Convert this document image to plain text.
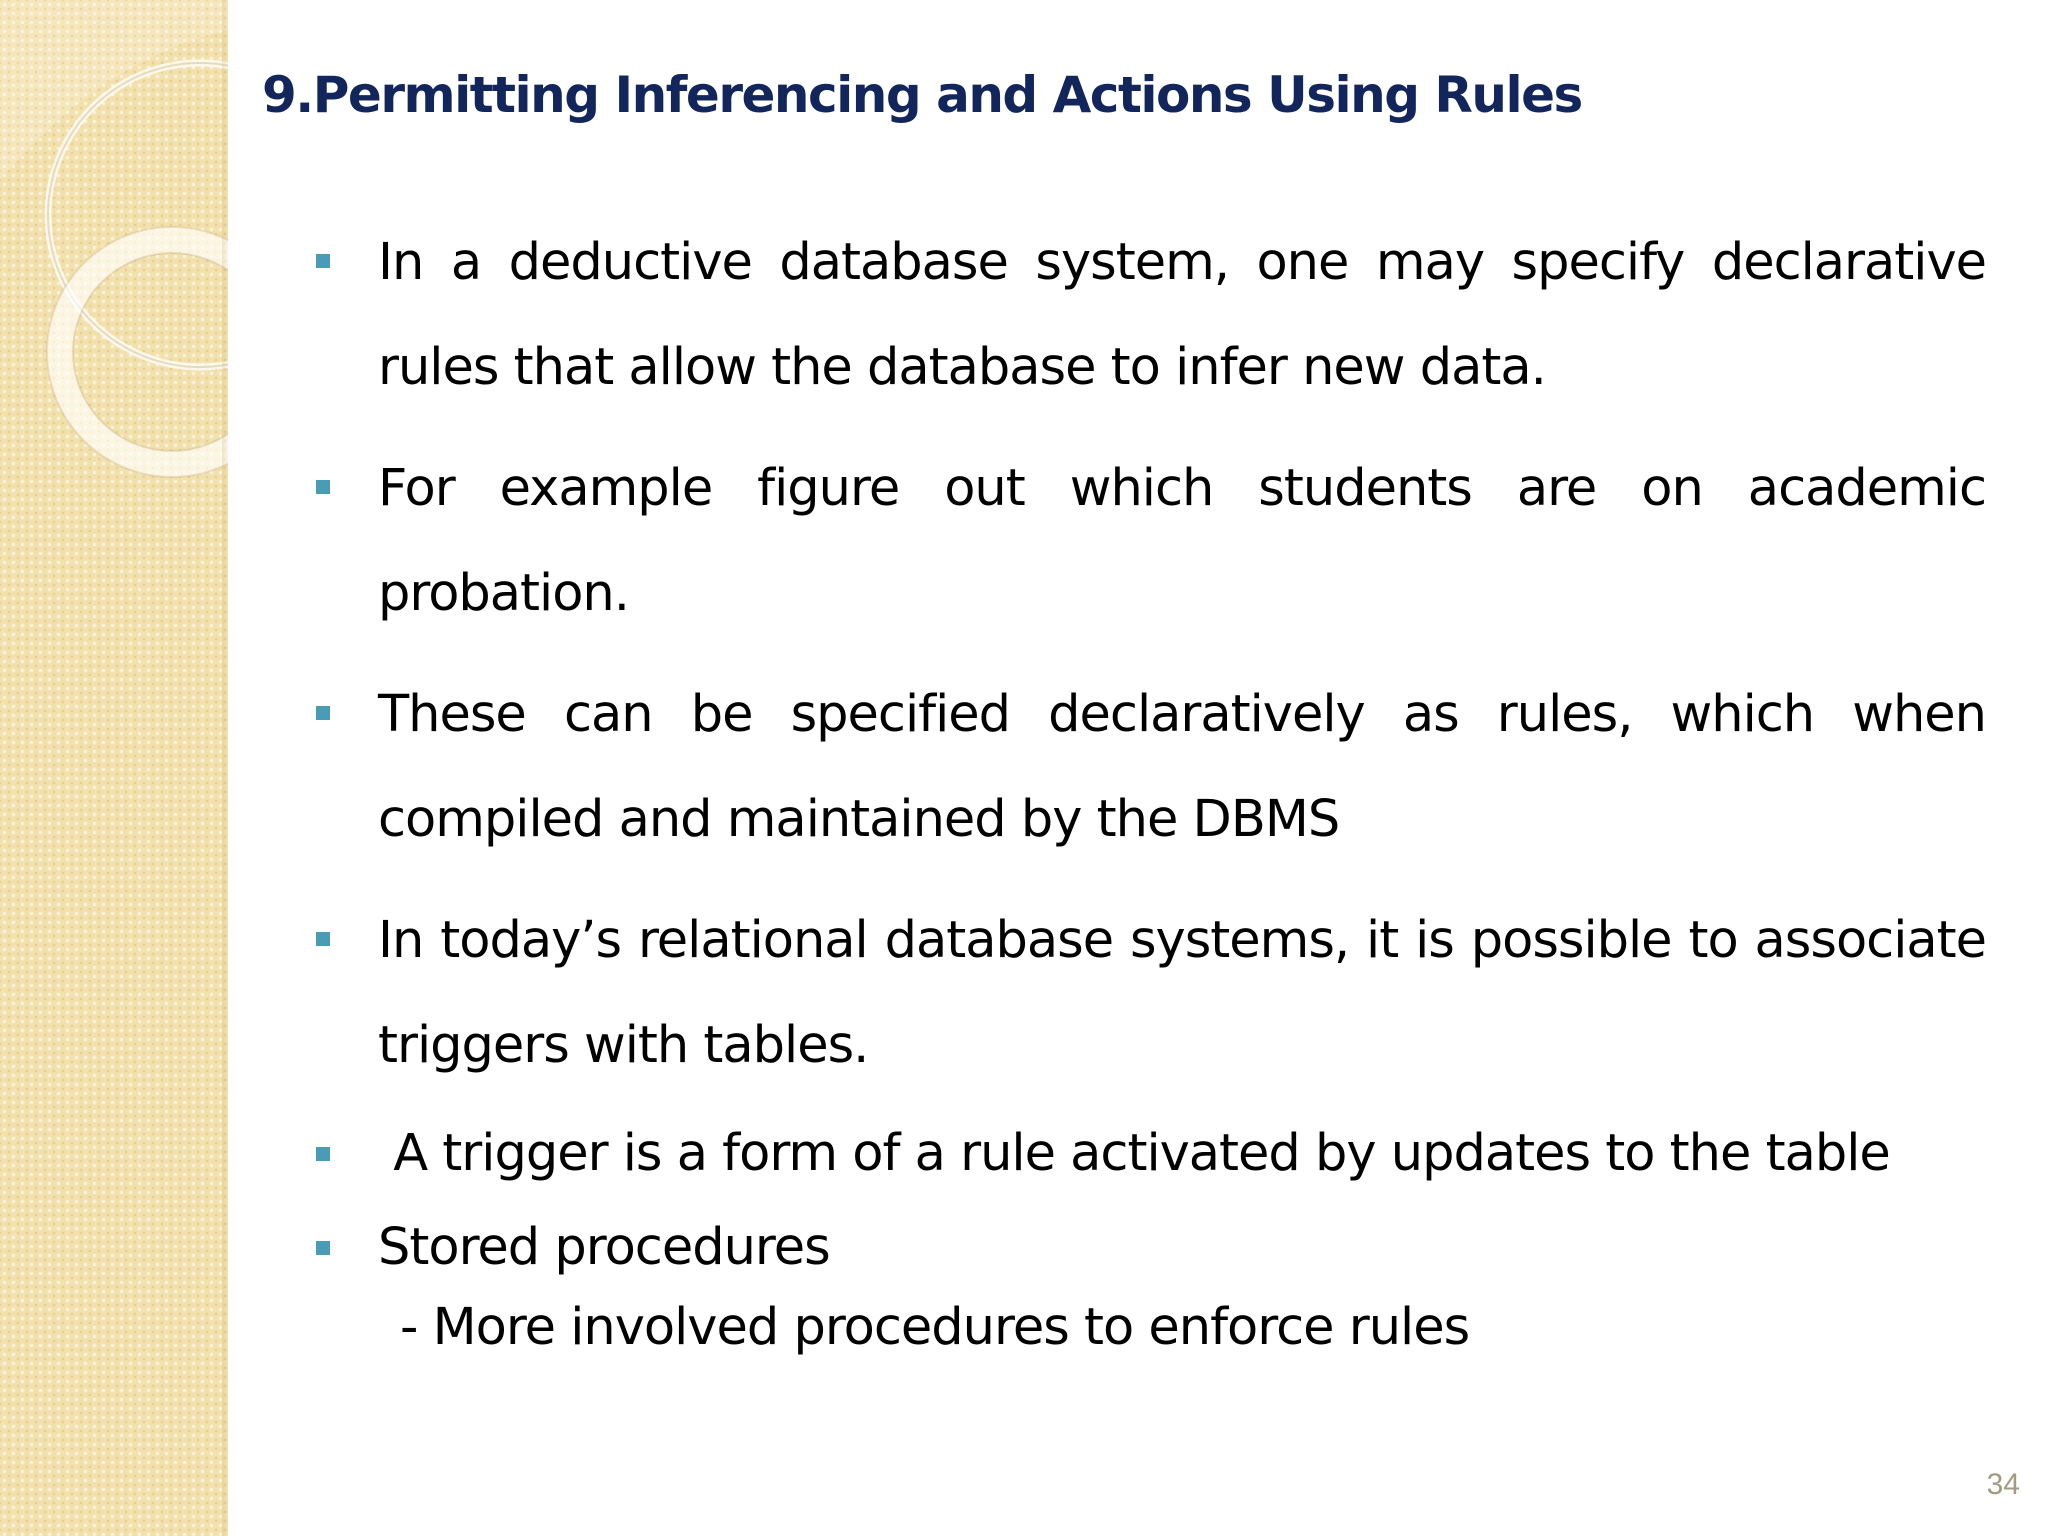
9.Permitting Inferencing and Actions Using Rules
In a deductive database system, one may specify declarative rules that allow the database to infer new data.
For example figure out which students are on academic probation.
These can be specified declaratively as rules, which when compiled and maintained by the DBMS
In today’s relational database systems, it is possible to associate triggers with tables.
A trigger is a form of a rule activated by updates to the table
Stored procedures
- More involved procedures to enforce rules
34
